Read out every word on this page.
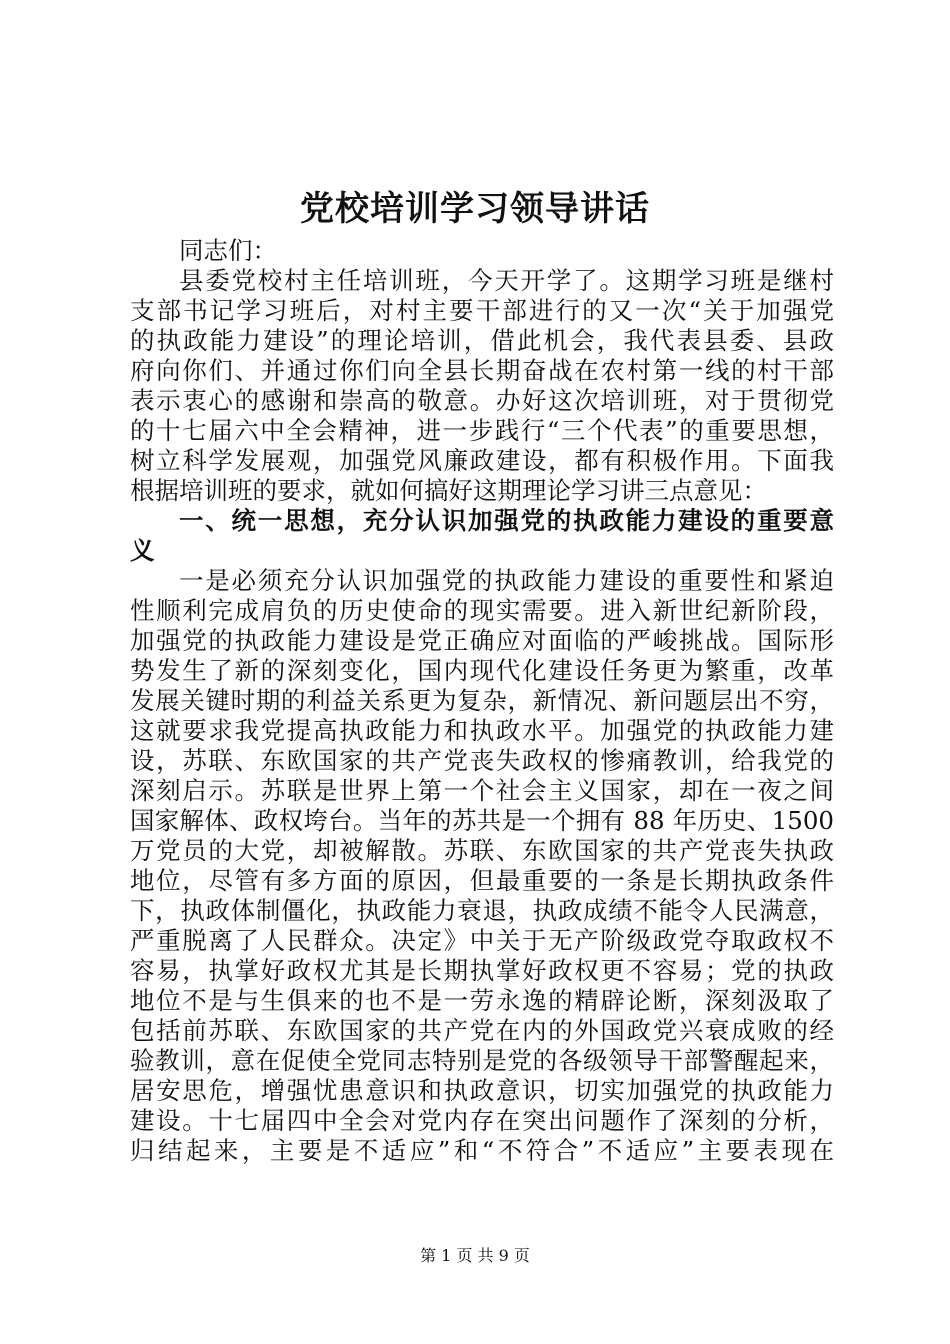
党校培训学习领导讲话
同志们：
县委党校村主任培训班，今天开学了。这期学习班是继村
支部书记学习班后，对村主要干部进行的又一次“关于加强党
的执政能力建设”的理论培训，借此机会，我代表县委、县政
府向你们、并通过你们向全县长期奋战在农村第一线的村干部
表示衷心的感谢和崇高的敬意。办好这次培训班，对于贯彻党
的十七届六中全会精神，进一步践行“三个代表”的重要思想，
树立科学发展观，加强党风廉政建设，都有积极作用。下面我
根据培训班的要求，就如何搞好这期理论学习讲三点意见：
一、统一思想，充分认识加强党的执政能力建设的重要意
义
一是必须充分认识加强党的执政能力建设的重要性和紧迫
性顺利完成肩负的历史使命的现实需要。进入新世纪新阶段，
加强党的执政能力建设是党正确应对面临的严峻挑战。国际形
势发生了新的深刻变化，国内现代化建设任务更为繁重，改革
发展关键时期的利益关系更为复杂，新情况、新问题层出不穷，
这就要求我党提高执政能力和执政水平。加强党的执政能力建
设，苏联、东欧国家的共产党丧失政权的惨痛教训，给我党的
深刻启示。苏联是世界上第一个社会主义国家，却在一夜之间
国家解体、政权垮台。当年的苏共是一个拥有 88 年历史、1500
万党员的大党，却被解散。苏联、东欧国家的共产党丧失执政
地位，尽管有多方面的原因，但最重要的一条是长期执政条件
下，执政体制僵化，执政能力衰退，执政成绩不能令人民满意，
严重脱离了人民群众。决定》中关于无产阶级政党夺取政权不
容易，执掌好政权尤其是长期执掌好政权更不容易；党的执政
地位不是与生俱来的也不是一劳永逸的精辟论断，深刻汲取了
包括前苏联、东欧国家的共产党在内的外国政党兴衰成败的经
验教训，意在促使全党同志特别是党的各级领导干部警醒起来，
居安思危，增强忧患意识和执政意识，切实加强党的执政能力
建设。十七届四中全会对党内存在突出问题作了深刻的分析，
归结起来，主要是不适应”和“不符合”不适应”主要表现在
第 1 页 共 9 页
